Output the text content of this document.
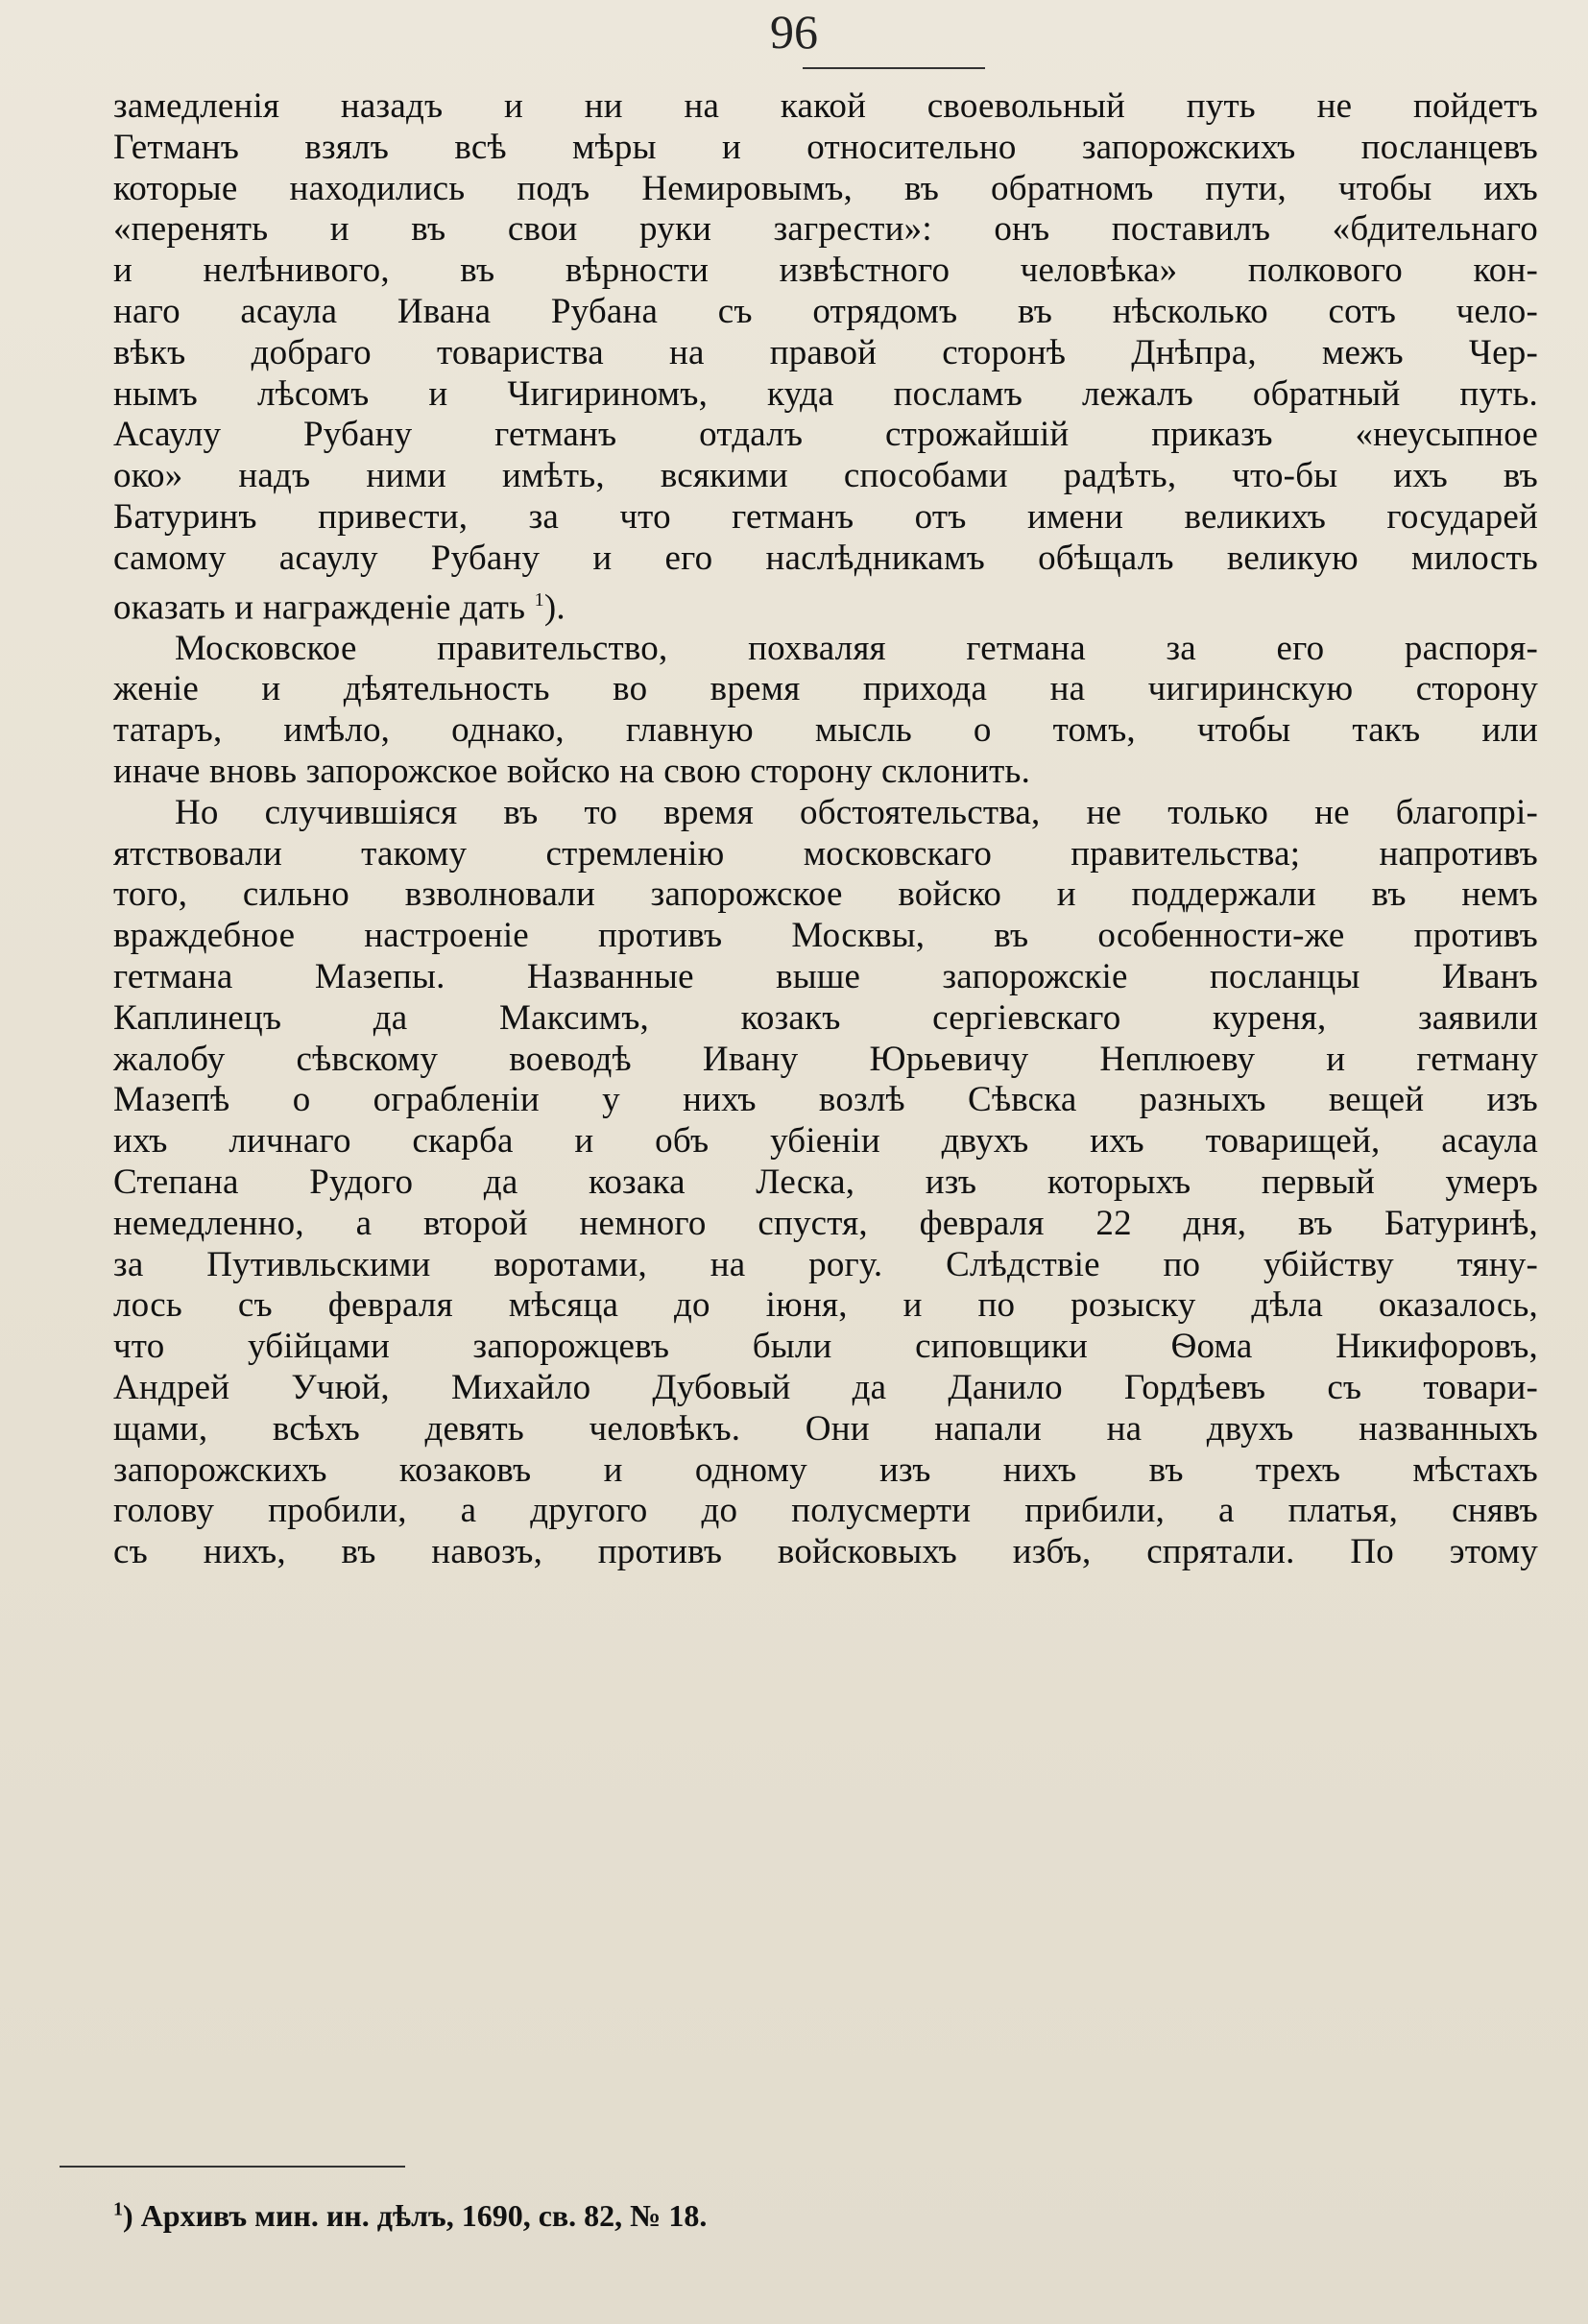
96
замедленія назадъ и ни на какой своевольный путь не пойдетъ
Гетманъ взялъ всѣ мѣры и относительно запорожскихъ посланцевъ
которые находились подъ Немировымъ, въ обратномъ пути, чтобы ихъ
«перенять и въ свои руки загрести»: онъ поставилъ «бдительнаго
и нелѣнивого, въ вѣрности извѣстного человѣка» полкового кон-
наго асаула Ивана Рубана съ отрядомъ въ нѣсколько сотъ чело-
вѣкъ добраго товариства на правой сторонѣ Днѣпра, межъ Чер-
нымъ лѣсомъ и Чигириномъ, куда посламъ лежалъ обратный путь.
Асаулу Рубану гетманъ отдалъ строжайшій приказъ «неусыпное
око» надъ ними имѣть, всякими способами радѣть, что-бы ихъ въ
Батуринъ привести, за что гетманъ отъ имени великихъ государей
самому асаулу Рубану и его наслѣдникамъ обѣщалъ великую милость
оказать и награжденіе дать $^1$).
Московское правительство, похваляя гетмана за его распоря-
женіе и дѣятельность во время прихода на чигиринскую сторону
татаръ, имѣло, однако, главную мысль о томъ, чтобы такъ или
иначе вновь запорожское войско на свою сторону склонить.
Но случившіяся въ то время обстоятельства, не только не благопрі-
ятствовали такому стремленію московскаго правительства; напротивъ
того, сильно взволновали запорожское войско и поддержали въ немъ
враждебное настроеніе противъ Москвы, въ особенности-же противъ
гетмана Мазепы. Названные выше запорожскіе посланцы Иванъ
Каплинецъ да Максимъ, козакъ сергіевскаго куреня, заявили
жалобу сѣвскому воеводѣ Ивану Юрьевичу Неплюеву и гетману
Мазепѣ о ограбленіи у нихъ возлѣ Сѣвска разныхъ вещей изъ
ихъ личнаго скарба и объ убіеніи двухъ ихъ товарищей, асаула
Степана Рудого да козака Леска, изъ которыхъ первый умеръ
немедленно, а второй немного спустя, февраля 22 дня, въ Батуринѣ,
за Путивльскими воротами, на рогу. Слѣдствіе по убійству тяну-
лось съ февраля мѣсяца до іюня, и по розыску дѣла оказалось,
что убійцами запорожцевъ были сиповщики Ѳома Никифоровъ,
Андрей Учюй, Михайло Дубовый да Данило Гордѣевъ съ товари-
щами, всѣхъ девять человѣкъ. Они напали на двухъ названныхъ
запорожскихъ козаковъ и одному изъ нихъ въ трехъ мѣстахъ
голову пробили, а другого до полусмерти прибили, а платья, снявъ
съ нихъ, въ навозъ, противъ войсковыхъ избъ, спрятали. По этому
$^1$) Архивъ мин. ин. дѣлъ, 1690, св. 82, № 18.
